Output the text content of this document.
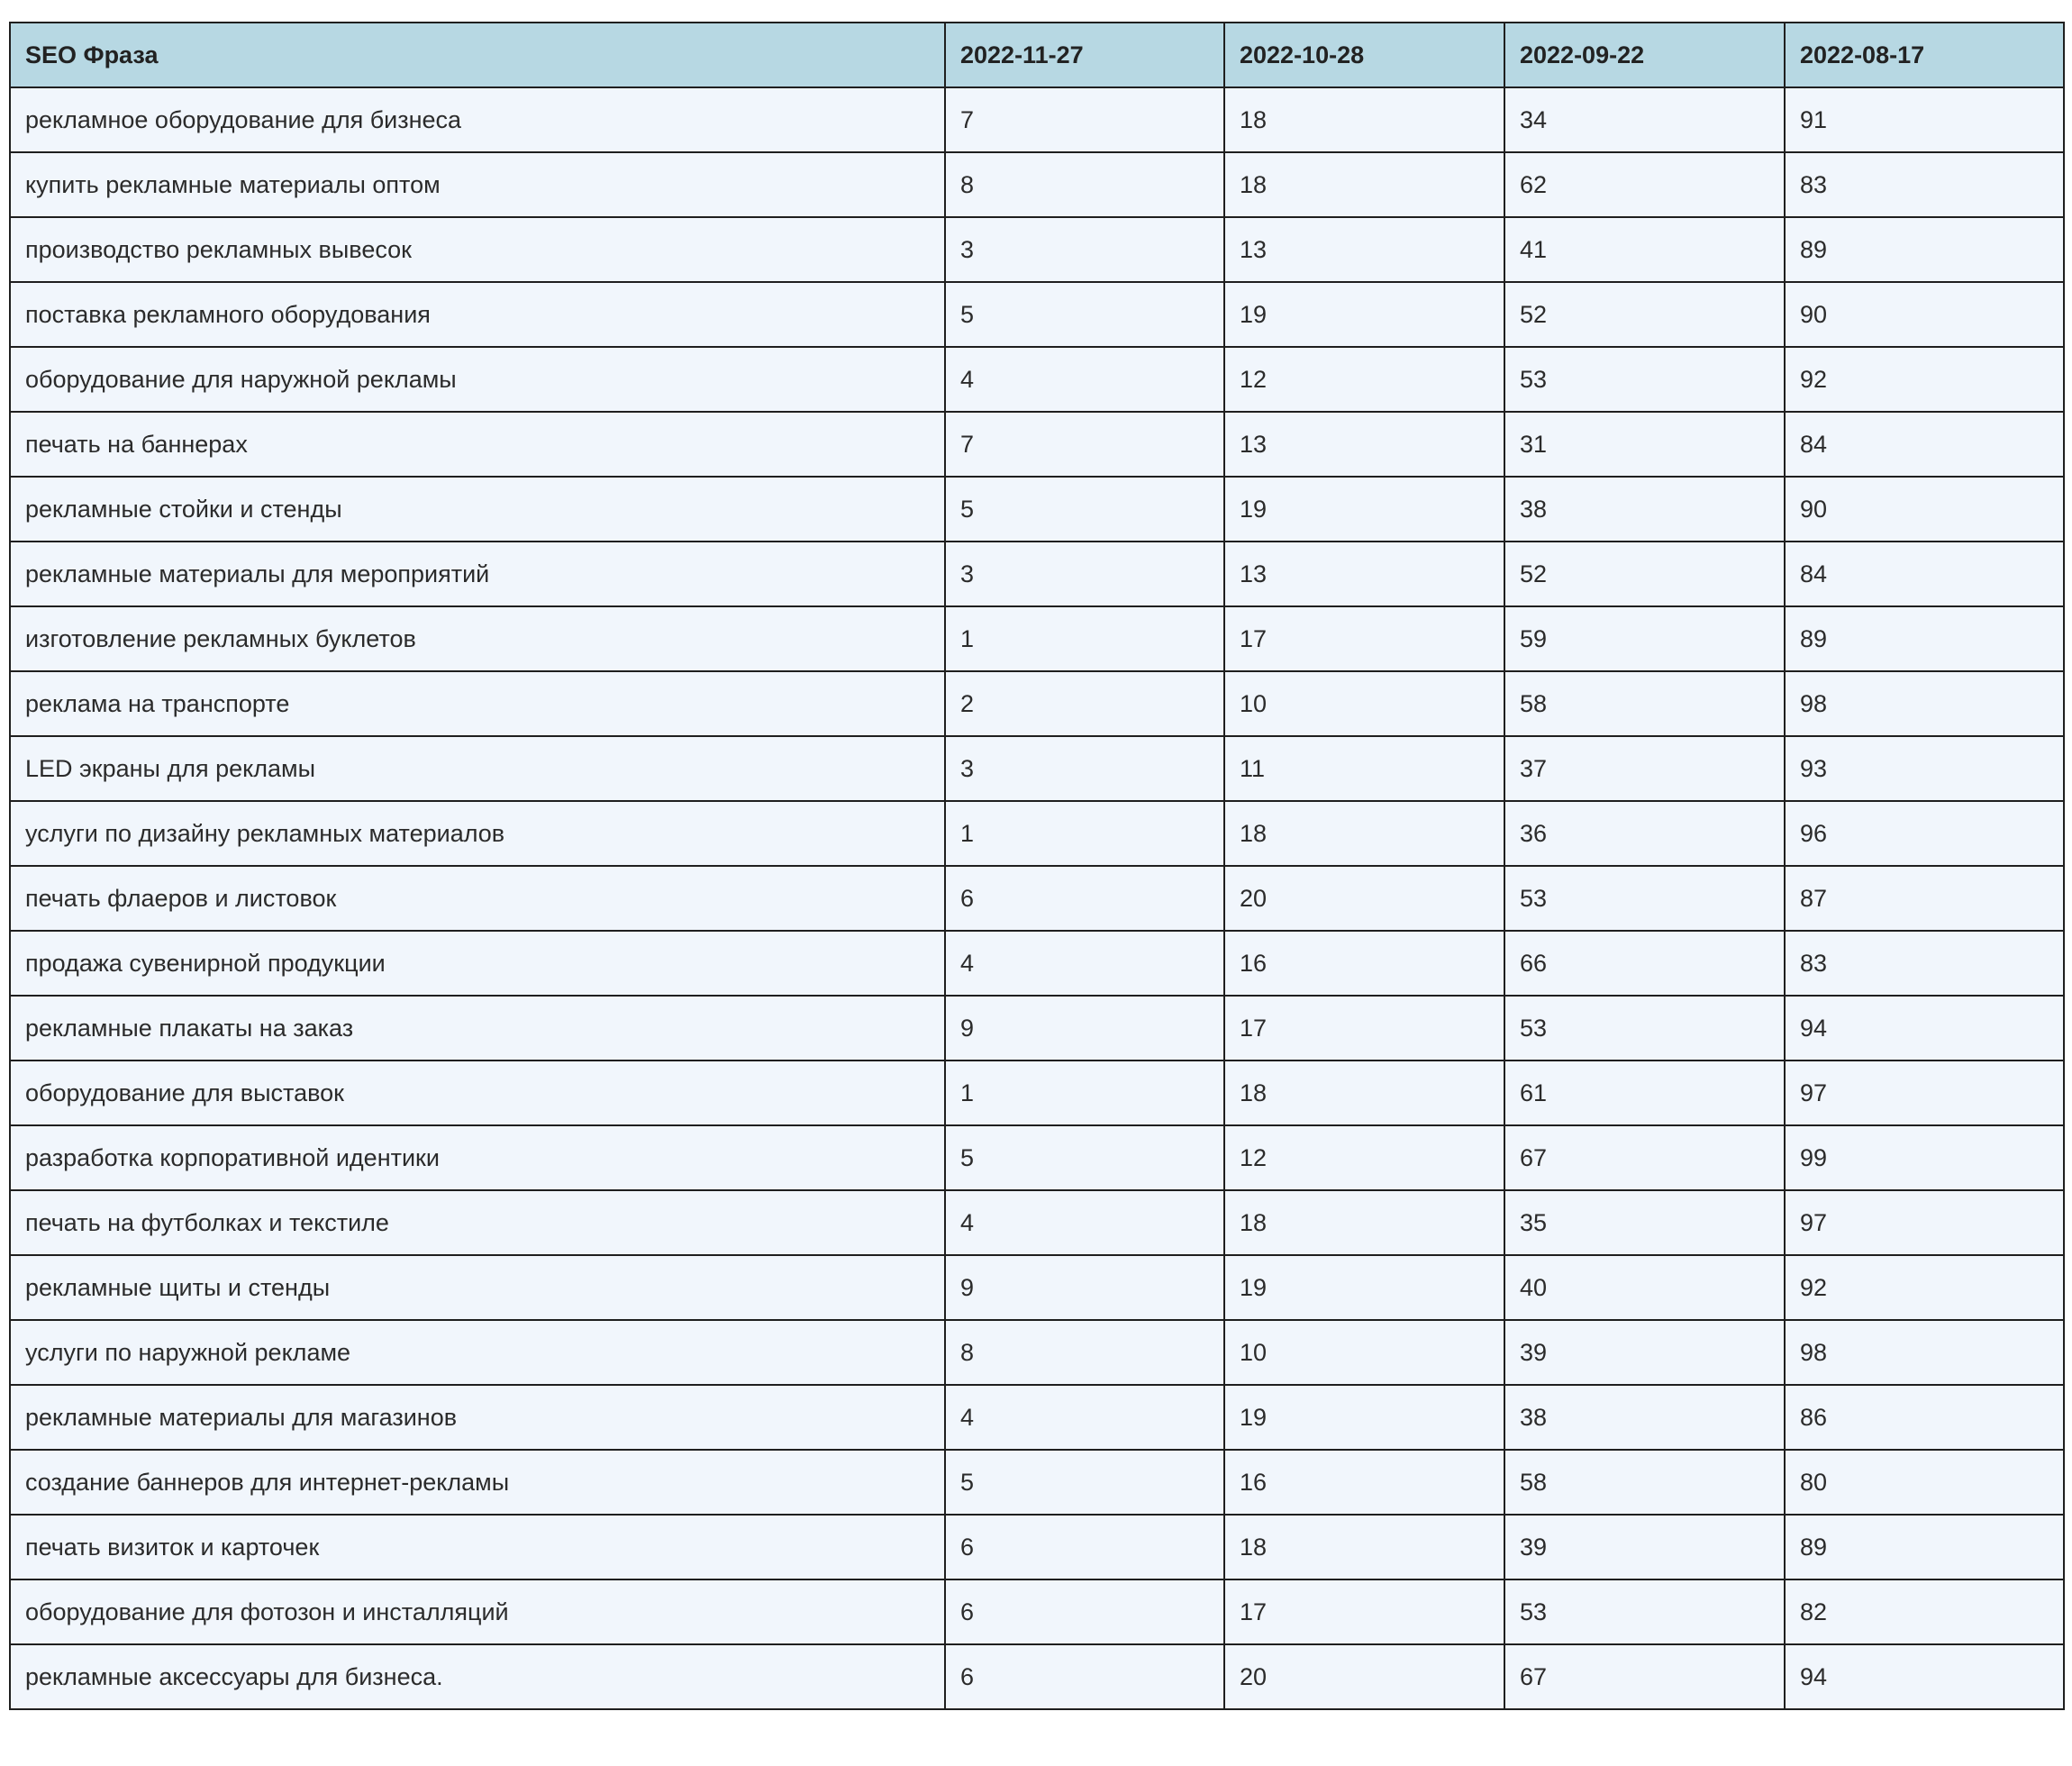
SEO Фраза	2022-11-27	2022-10-28	2022-09-22	2022-08-17
рекламное оборудование для бизнеса	7	18	34	91
купить рекламные материалы оптом	8	18	62	83
производство рекламных вывесок	3	13	41	89
поставка рекламного оборудования	5	19	52	90
оборудование для наружной рекламы	4	12	53	92
печать на баннерах	7	13	31	84
рекламные стойки и стенды	5	19	38	90
рекламные материалы для мероприятий	3	13	52	84
изготовление рекламных буклетов	1	17	59	89
реклама на транспорте	2	10	58	98
LED экраны для рекламы	3	11	37	93
услуги по дизайну рекламных материалов	1	18	36	96
печать флаеров и листовок	6	20	53	87
продажа сувенирной продукции	4	16	66	83
рекламные плакаты на заказ	9	17	53	94
оборудование для выставок	1	18	61	97
разработка корпоративной идентики	5	12	67	99
печать на футболках и текстиле	4	18	35	97
рекламные щиты и стенды	9	19	40	92
услуги по наружной рекламе	8	10	39	98
рекламные материалы для магазинов	4	19	38	86
создание баннеров для интернет-рекламы	5	16	58	80
печать визиток и карточек	6	18	39	89
оборудование для фотозон и инсталляций	6	17	53	82
рекламные аксессуары для бизнеса.	6	20	67	94
